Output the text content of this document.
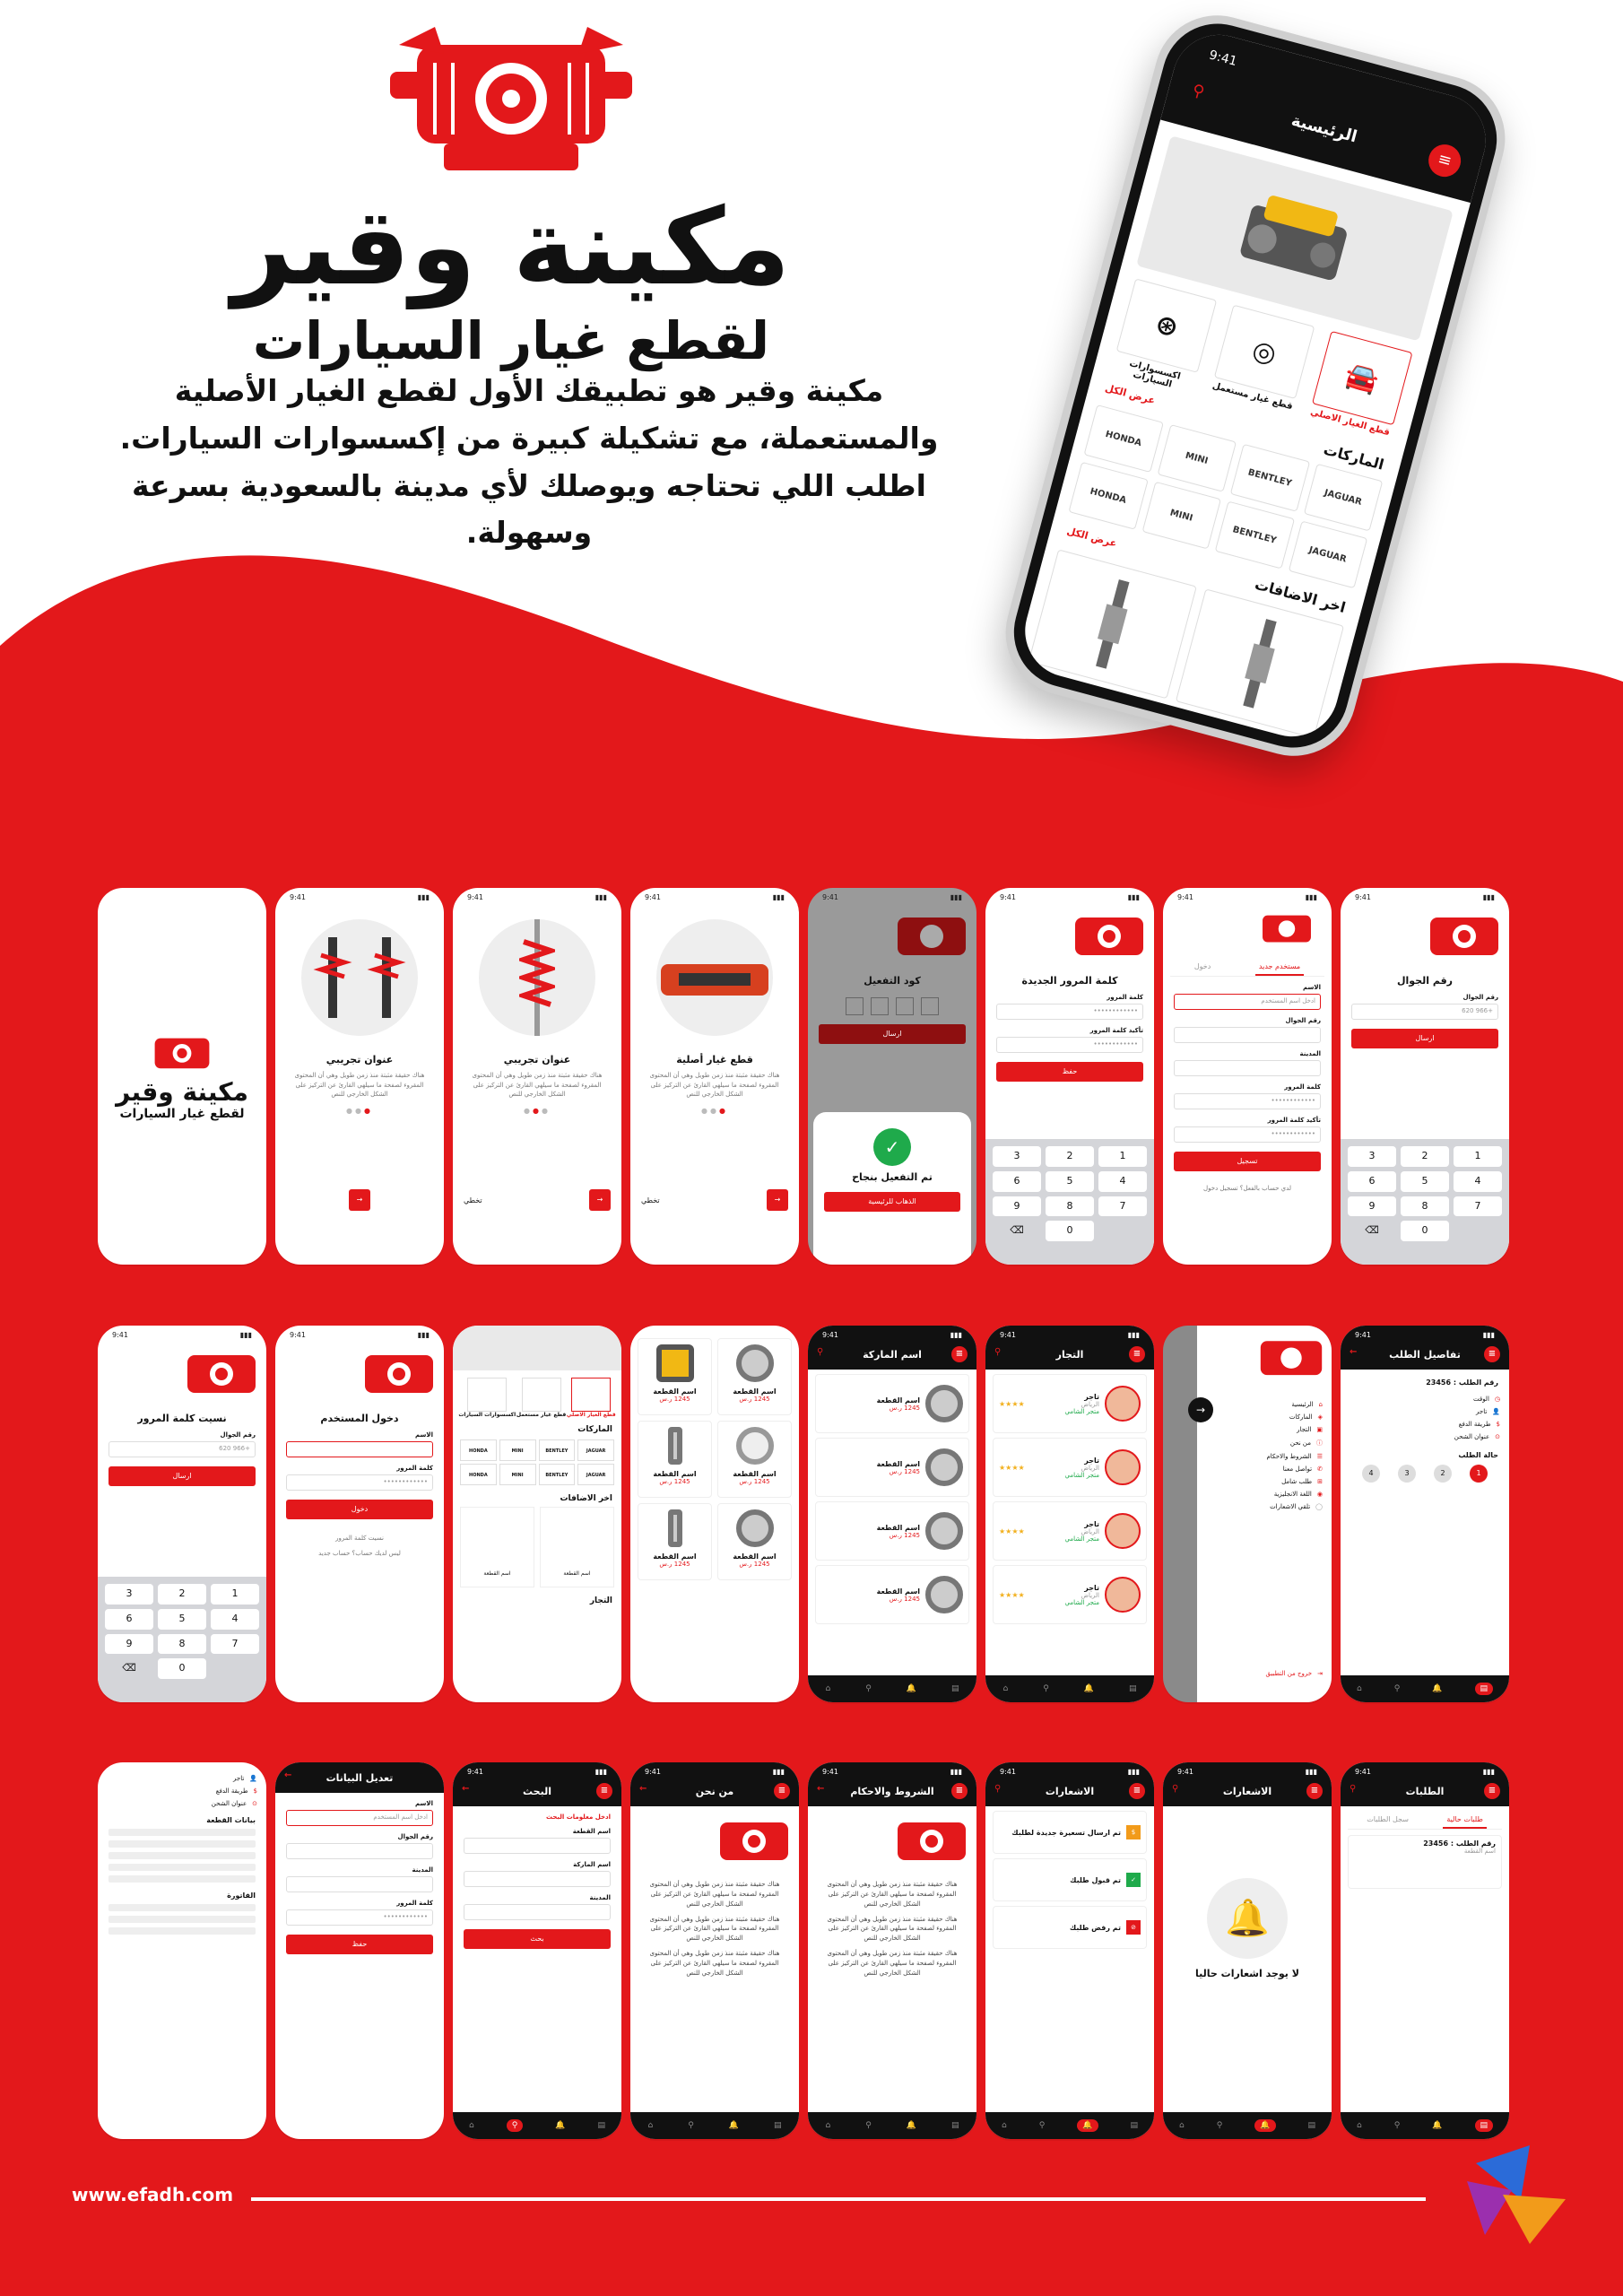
مكينة وقير
لقطع غيار السيارات
مكينة وقير هو تطبيقك الأول لقطع الغيار الأصلية والمستعملة، مع تشكيلة كبيرة من إكسسوارات السيارات. اطلب اللي تحتاجه ويوصلك لأي مدينة بالسعودية بسرعة وسهولة.
9:41
≡
الرئيسية
⚲
🚘
قطع الغيار الاصلي
◎
قطع غيار مستعمل
⊛
اكسسوارات السيارات
الماركات
عرض الكل
JAGUAR
BENTLEY
MINI
HONDA
JAGUAR
BENTLEY
MINI
HONDA
اخر الاضافات
عرض الكل
9:41	▮▮▮
رقم الجوال
رقم الجوال
+966 620
ارسال
1
2
3
4
5
6
7
8
9
0
⌫
9:41	▮▮▮
مستخدم جديد
دخول
الاسم
ادخل اسم المستخدم
رقم الجوال
المدينة
كلمة المرور
••••••••••••
تأكيد كلمة المرور
••••••••••••
تسجيل
لدي حساب بالفعل؟ تسجيل دخول
9:41	▮▮▮
كلمة المرور الجديدة
كلمة المرور
••••••••••••
تأكيد كلمة المرور
••••••••••••
حفظ
1
2
3
4
5
6
7
8
9
0
⌫
9:41	▮▮▮
كود التفعيل
ارسال
✓
تم التفعيل بنجاح
الذهاب للرئيسية
9:41	▮▮▮
قطع غيار أصلية
هناك حقيقة مثبتة منذ زمن طويل وهي أن المحتوى المقروء لصفحة ما سيلهي القارئ عن التركيز على الشكل الخارجي للنص
●●●
→
تخطي
9:41	▮▮▮
عنوان تجريبي
هناك حقيقة مثبتة منذ زمن طويل وهي أن المحتوى المقروء لصفحة ما سيلهي القارئ عن التركيز على الشكل الخارجي للنص
●●●
→
تخطي
9:41	▮▮▮
عنوان تجريبي
هناك حقيقة مثبتة منذ زمن طويل وهي أن المحتوى المقروء لصفحة ما سيلهي القارئ عن التركيز على الشكل الخارجي للنص
●●●
→
مكينة وقير
لقطع غيار السيارات
9:41	▮▮▮
≡
تفاصيل الطلب
←
رقم الطلب : 23456
◷
الوقت
👤
تاجر
$
طريقة الدفع
⊙
عنوان الشحن
حالة الطلب
1
2
3
4
▤
🔔
⚲
⌂
⌂
الرئيسية
◈
الماركات
▣
التجار
ⓘ
من نحن
☰
الشروط والاحكام
✆
تواصل معنا
⊞
طلب شامل
◉
اللغة الانجليزية
◯
تلقي الاشعارات
⇥
خروج من التطبيق
→
9:41	▮▮▮
≡
التجار
⚲
تاجر
الرياض
متجر الشامي
★★★★
تاجر
الرياض
متجر الشامي
★★★★
تاجر
الرياض
متجر الشامي
★★★★
تاجر
الرياض
متجر الشامي
★★★★
▤
🔔
⚲
⌂
9:41	▮▮▮
≡
اسم الماركة
⚲
اسم القطعة
1245 ر.س
اسم القطعة
1245 ر.س
اسم القطعة
1245 ر.س
اسم القطعة
1245 ر.س
▤
🔔
⚲
⌂
اسم القطعة
1245 ر.س
اسم القطعة
1245 ر.س
اسم القطعة
1245 ر.س
اسم القطعة
1245 ر.س
اسم القطعة
1245 ر.س
اسم القطعة
1245 ر.س
قطع الغيار الاصلي
قطع غيار مستعمل
اكسسوارات السيارات
الماركات
JAGUAR
BENTLEY
MINI
HONDA
JAGUAR
BENTLEY
MINI
HONDA
اخر الاضافات
اسم القطعة
اسم القطعة
التجار
9:41	▮▮▮
دخول المستخدم
الاسم
كلمة المرور
••••••••••••
دخول
نسيت كلمة المرور
ليس لديك حساب؟ حساب جديد
9:41	▮▮▮
نسيت كلمة المرور
رقم الجوال
+966 620
ارسال
1
2
3
4
5
6
7
8
9
0
⌫
9:41	▮▮▮
≡
الطلبات
⚲
طلبات حالية
سجل الطلبات
رقم الطلب : 23456
اسم القطعة
▤
🔔
⚲
⌂
9:41	▮▮▮
≡
الاشعارات
⚲
🔔
لا يوجد اشعارات حاليا
▤
🔔
⚲
⌂
9:41	▮▮▮
≡
الاشعارات
⚲
$
تم ارسال تسعيرة جديدة لطلبك
✓
تم قبول طلبك
⊘
تم رفض طلبك
▤
🔔
⚲
⌂
9:41	▮▮▮
≡
الشروط والاحكام
←
هناك حقيقة مثبتة منذ زمن طويل وهي أن المحتوى المقروء لصفحة ما سيلهي القارئ عن التركيز على الشكل الخارجي للنص
هناك حقيقة مثبتة منذ زمن طويل وهي أن المحتوى المقروء لصفحة ما سيلهي القارئ عن التركيز على الشكل الخارجي للنص
هناك حقيقة مثبتة منذ زمن طويل وهي أن المحتوى المقروء لصفحة ما سيلهي القارئ عن التركيز على الشكل الخارجي للنص
▤
🔔
⚲
⌂
9:41	▮▮▮
≡
من نحن
←
هناك حقيقة مثبتة منذ زمن طويل وهي أن المحتوى المقروء لصفحة ما سيلهي القارئ عن التركيز على الشكل الخارجي للنص
هناك حقيقة مثبتة منذ زمن طويل وهي أن المحتوى المقروء لصفحة ما سيلهي القارئ عن التركيز على الشكل الخارجي للنص
هناك حقيقة مثبتة منذ زمن طويل وهي أن المحتوى المقروء لصفحة ما سيلهي القارئ عن التركيز على الشكل الخارجي للنص
▤
🔔
⚲
⌂
9:41	▮▮▮
≡
البحث
←
ادخل معلومات البحث
اسم القطعة
اسم الماركة
المدينة
بحث
▤
🔔
⚲
⌂
تعديل البيانات
←
الاسم
ادخل اسم المستخدم
رقم الجوال
المدينة
كلمة المرور
••••••••••••
حفظ
👤
تاجر
$
طريقة الدفع
⊙
عنوان الشحن
بيانات القطعة
الفاتورة
www.efadh.com
